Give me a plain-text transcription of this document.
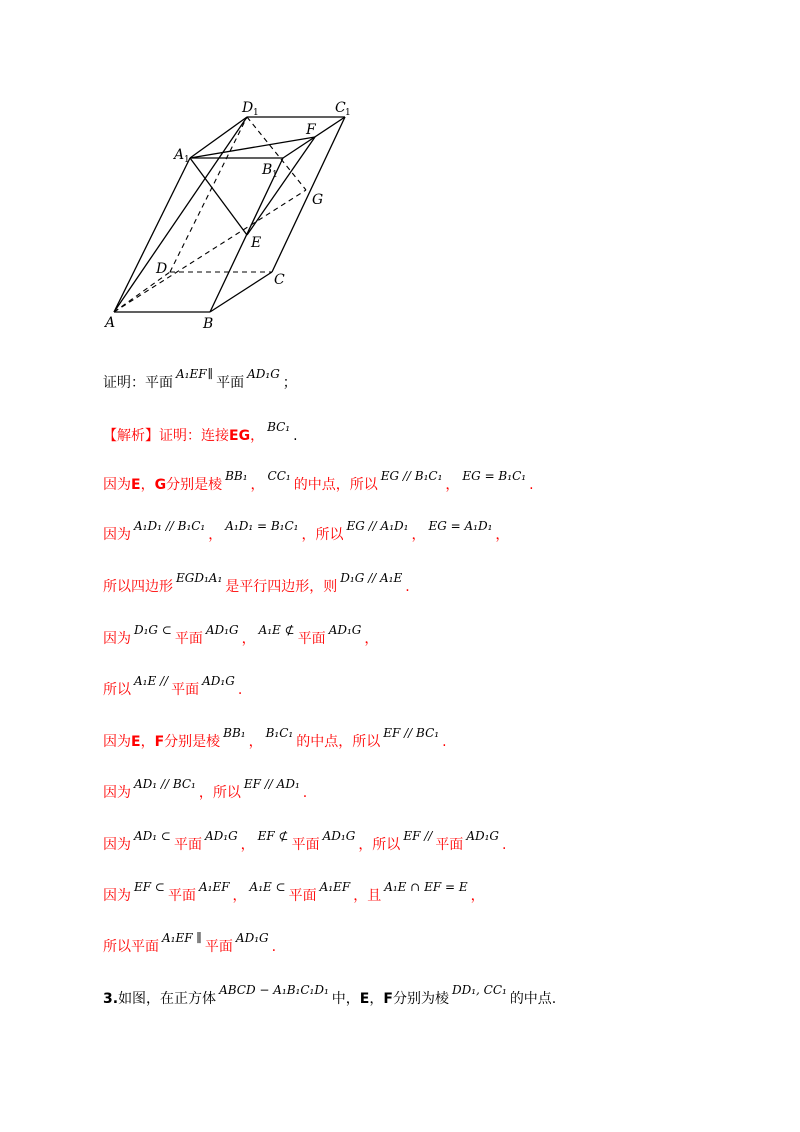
D 1	C 1
A 1
F
B 1
G
E
D
C
A	B
证明：平面A₁EF∥平面AD₁G；
【解析】证明：连接EG，BC₁.
因为E，G分别是棱BB₁，CC₁的中点，所以EG // B₁C₁，EG = B₁C₁.
因为A₁D₁ // B₁C₁，A₁D₁ = B₁C₁，所以EG // A₁D₁，EG = A₁D₁，
所以四边形EGD₁A₁是平行四边形，则D₁G // A₁E.
因为D₁G ⊂平面AD₁G，A₁E ⊄平面AD₁G，
所以A₁E //平面AD₁G.
因为E，F分别是棱BB₁，B₁C₁的中点，所以EF // BC₁.
因为AD₁ // BC₁，所以EF // AD₁.
因为AD₁ ⊂平面AD₁G，EF ⊄平面AD₁G，所以EF //平面AD₁G.
因为EF ⊂平面A₁EF，A₁E ⊂平面A₁EF，且A₁E ∩ EF = E，
所以平面A₁EF ∥平面AD₁G.
3.如图，在正方体ABCD − A₁B₁C₁D₁中，E，F分别为棱DD₁, CC₁的中点.
